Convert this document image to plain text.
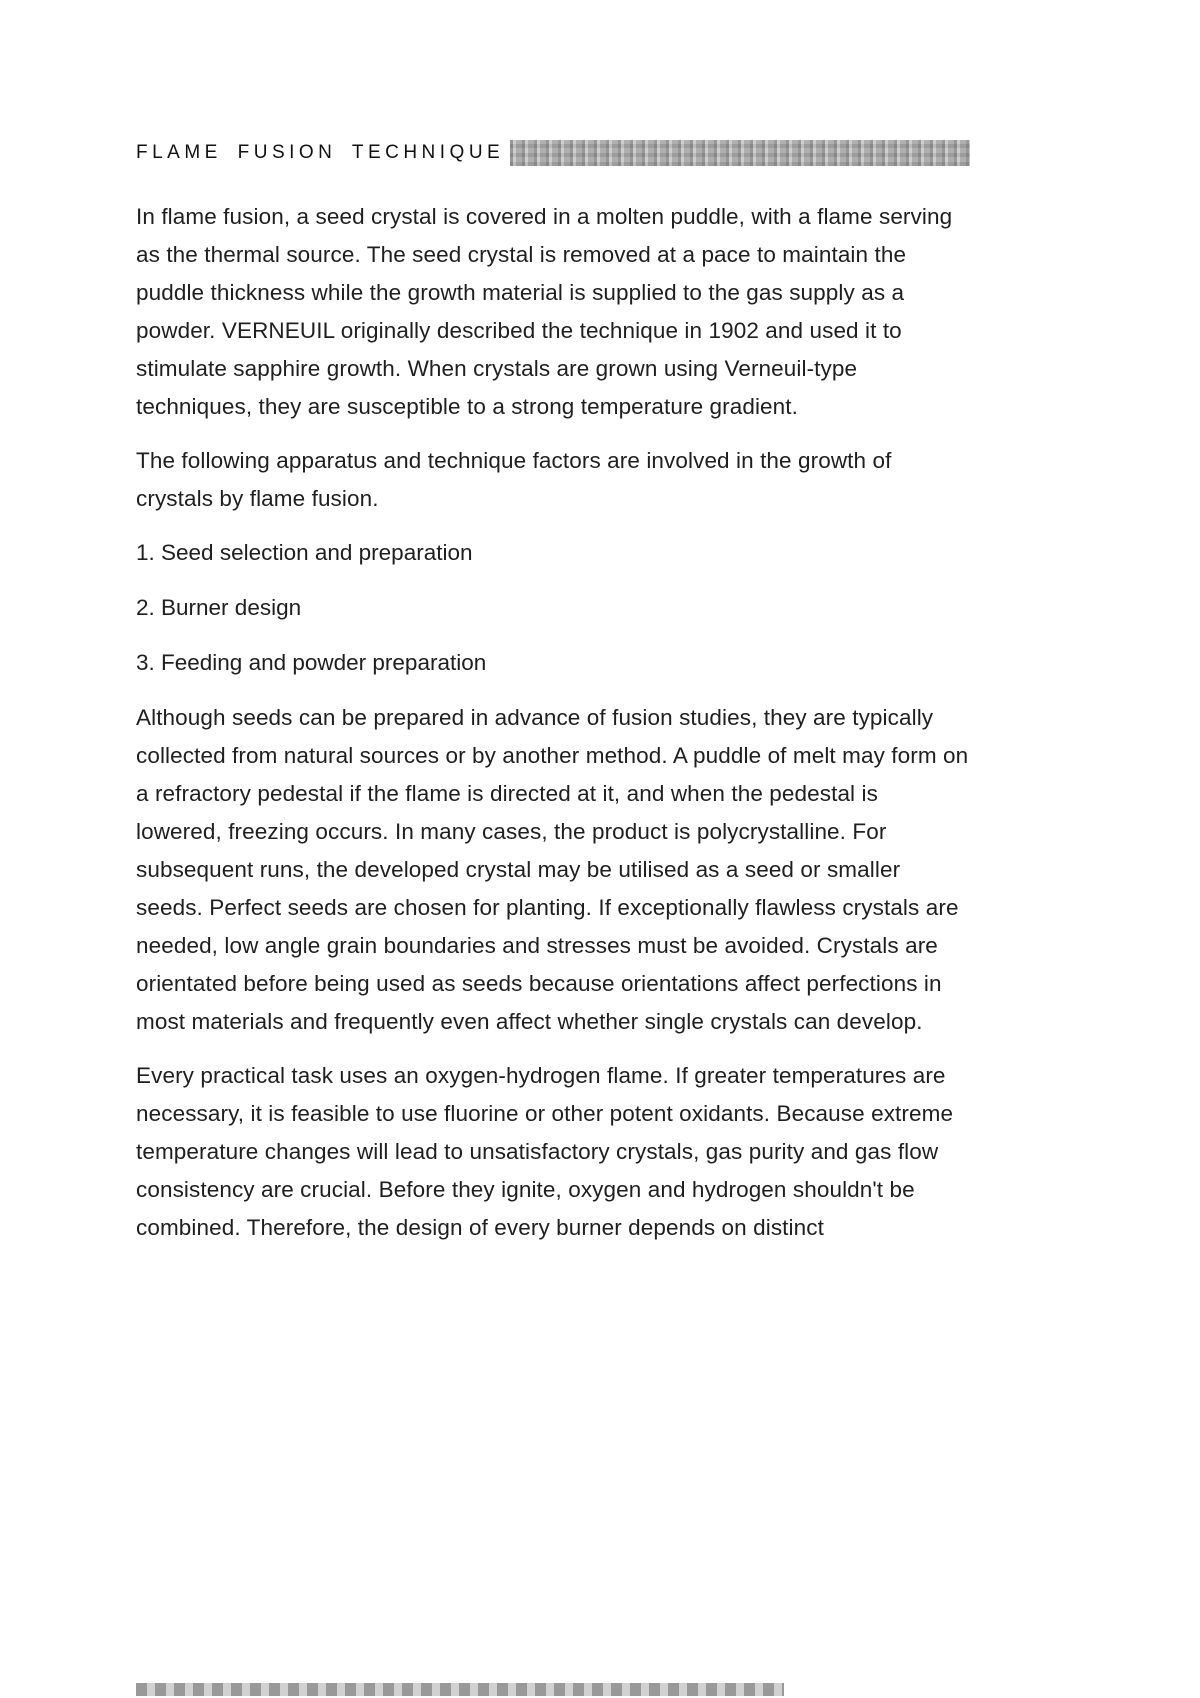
FLAME FUSION TECHNIQUE

In flame fusion, a seed crystal is covered in a molten puddle, with a flame serving as the thermal source. The seed crystal is removed at a pace to maintain the puddle thickness while the growth material is supplied to the gas supply as a powder. VERNEUIL originally described the technique in 1902 and used it to stimulate sapphire growth. When crystals are grown using Verneuil-type techniques, they are susceptible to a strong temperature gradient.

The following apparatus and technique factors are involved in the growth of crystals by flame fusion.

1. Seed selection and preparation

2. Burner design

3. Feeding and powder preparation

Although seeds can be prepared in advance of fusion studies, they are typically collected from natural sources or by another method. A puddle of melt may form on a refractory pedestal if the flame is directed at it, and when the pedestal is lowered, freezing occurs. In many cases, the product is polycrystalline. For subsequent runs, the developed crystal may be utilised as a seed or smaller seeds. Perfect seeds are chosen for planting. If exceptionally flawless crystals are needed, low angle grain boundaries and stresses must be avoided. Crystals are orientated before being used as seeds because orientations affect perfections in most materials and frequently even affect whether single crystals can develop.

Every practical task uses an oxygen-hydrogen flame. If greater temperatures are necessary, it is feasible to use fluorine or other potent oxidants. Because extreme temperature changes will lead to unsatisfactory crystals, gas purity and gas flow consistency are crucial. Before they ignite, oxygen and hydrogen shouldn't be combined. Therefore, the design of every burner depends on distinct
